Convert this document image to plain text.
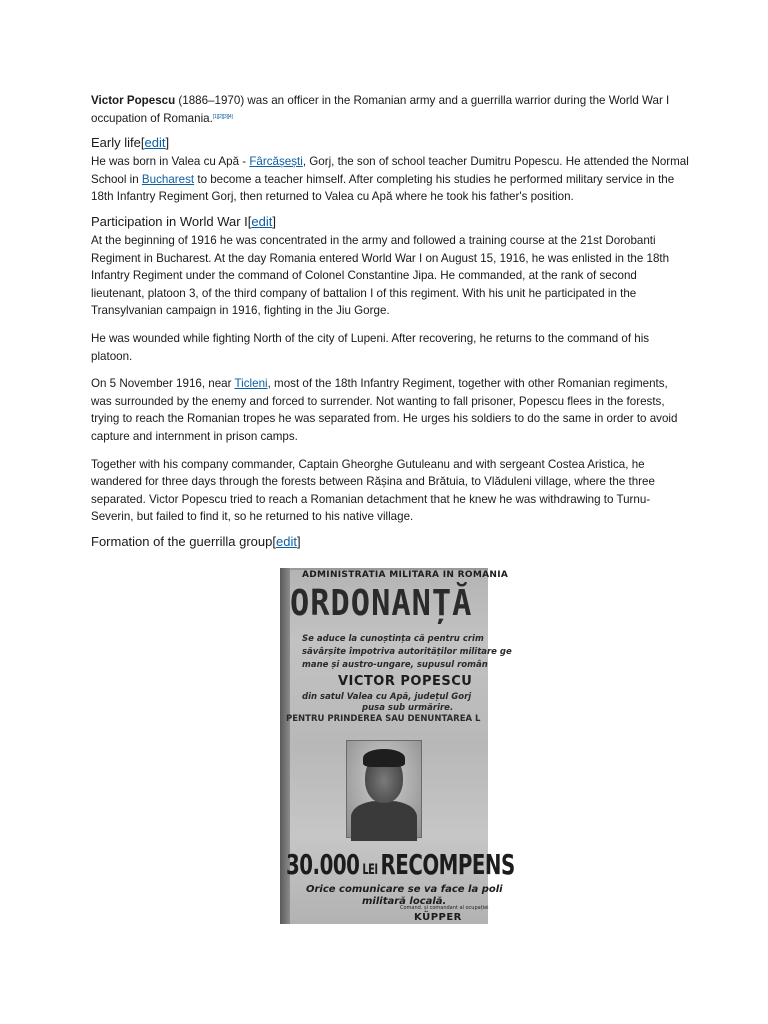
Victor Popescu (1886–1970) was an officer in the Romanian army and a guerrilla warrior during the World War I occupation of Romania.[1][2][3][4]

Early life[edit]

He was born in Valea cu Apă - Fârcășești, Gorj, the son of school teacher Dumitru Popescu. He attended the Normal School in Bucharest to become a teacher himself. After completing his studies he performed military service in the 18th Infantry Regiment Gorj, then returned to Valea cu Apă where he took his father's position.

Participation in World War I[edit]

At the beginning of 1916 he was concentrated in the army and followed a training course at the 21st Dorobanti Regiment in Bucharest. At the day Romania entered World War I on August 15, 1916, he was enlisted in the 18th Infantry Regiment under the command of Colonel Constantine Jipa. He commanded, at the rank of second lieutenant, platoon 3, of the third company of battalion I of this regiment. With his unit he participated in the Transylvanian campaign in 1916, fighting in the Jiu Gorge.

He was wounded while fighting North of the city of Lupeni. After recovering, he returns to the command of his platoon.

On 5 November 1916, near Ticleni, most of the 18th Infantry Regiment, together with other Romanian regiments, was surrounded by the enemy and forced to surrender. Not wanting to fall prisoner, Popescu flees in the forests, trying to reach the Romanian tropes he was separated from. He urges his soldiers to do the same in order to avoid capture and internment in prison camps.

Together with his company commander, Captain Gheorghe Gutuleanu and with sergeant Costea Aristica, he wandered for three days through the forests between Rășina and Brătuia, to Vlăduleni village, where the three separated. Victor Popescu tried to reach a Romanian detachment that he knew he was withdrawing to Turnu-Severin, but failed to find it, so he returned to his native village.

Formation of the guerrilla group[edit]
ADMINISTRATIA MILITARA IN ROMANIA
ORDONANȚĂ
Se aduce la cunoștința că pentru crim
săvârșite împotriva autorităților militare ge
mane și austro-ungare, supusul român
VICTOR POPESCU
din satul Valea cu Apă, județul Gorj
pusa sub urmărire.
PENTRU PRINDEREA SAU DENUNTAREA L
30.000 LEI RECOMPENS
Orice comunicare se va face la poli
militară locală.
Comand. și comandant al ocupației
KÜPPER
